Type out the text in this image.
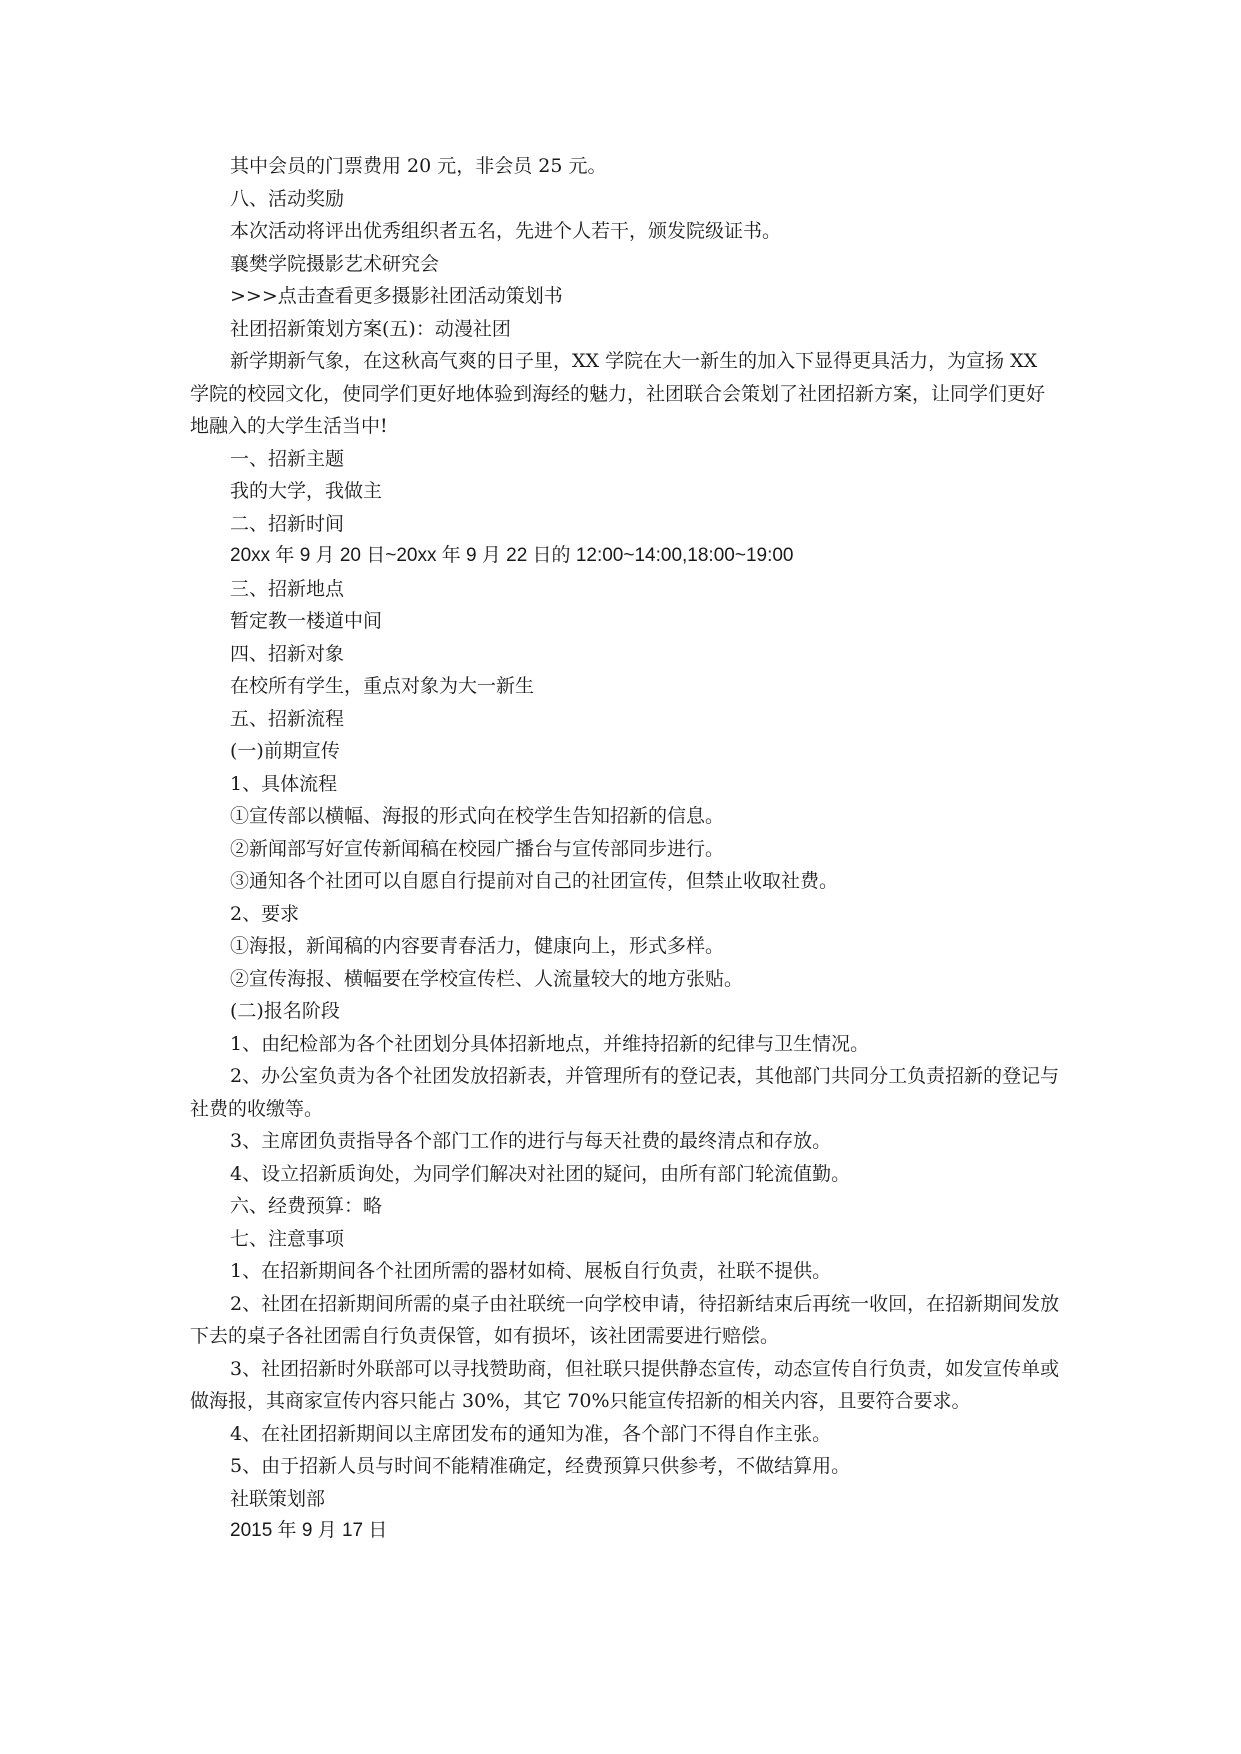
其中会员的门票费用 20 元，非会员 25 元。

八、活动奖励

本次活动将评出优秀组织者五名，先进个人若干，颁发院级证书。

襄樊学院摄影艺术研究会

>>>点击查看更多摄影社团活动策划书

社团招新策划方案(五)：动漫社团

新学期新气象，在这秋高气爽的日子里，XX 学院在大一新生的加入下显得更具活力，为宣扬 XX 学院的校园文化，使同学们更好地体验到海经的魅力，社团联合会策划了社团招新方案，让同学们更好地融入的大学生活当中!

一、招新主题

我的大学，我做主

二、招新时间

20xx 年 9 月 20 日~20xx 年 9 月 22 日的 12:00~14:00,18:00~19:00

三、招新地点

暂定教一楼道中间

四、招新对象

在校所有学生，重点对象为大一新生

五、招新流程

(一)前期宣传

1、具体流程

①宣传部以横幅、海报的形式向在校学生告知招新的信息。

②新闻部写好宣传新闻稿在校园广播台与宣传部同步进行。

③通知各个社团可以自愿自行提前对自己的社团宣传，但禁止收取社费。

2、要求

①海报，新闻稿的内容要青春活力，健康向上，形式多样。

②宣传海报、横幅要在学校宣传栏、人流量较大的地方张贴。

(二)报名阶段

1、由纪检部为各个社团划分具体招新地点，并维持招新的纪律与卫生情况。

2、办公室负责为各个社团发放招新表，并管理所有的登记表，其他部门共同分工负责招新的登记与社费的收缴等。

3、主席团负责指导各个部门工作的进行与每天社费的最终清点和存放。

4、设立招新质询处，为同学们解决对社团的疑问，由所有部门轮流值勤。

六、经费预算：略

七、注意事项

1、在招新期间各个社团所需的器材如椅、展板自行负责，社联不提供。

2、社团在招新期间所需的桌子由社联统一向学校申请，待招新结束后再统一收回，在招新期间发放下去的桌子各社团需自行负责保管，如有损坏，该社团需要进行赔偿。

3、社团招新时外联部可以寻找赞助商，但社联只提供静态宣传，动态宣传自行负责，如发宣传单或做海报，其商家宣传内容只能占 30%，其它 70%只能宣传招新的相关内容，且要符合要求。

4、在社团招新期间以主席团发布的通知为准，各个部门不得自作主张。

5、由于招新人员与时间不能精准确定，经费预算只供参考，不做结算用。

社联策划部

2015 年 9 月 17 日
